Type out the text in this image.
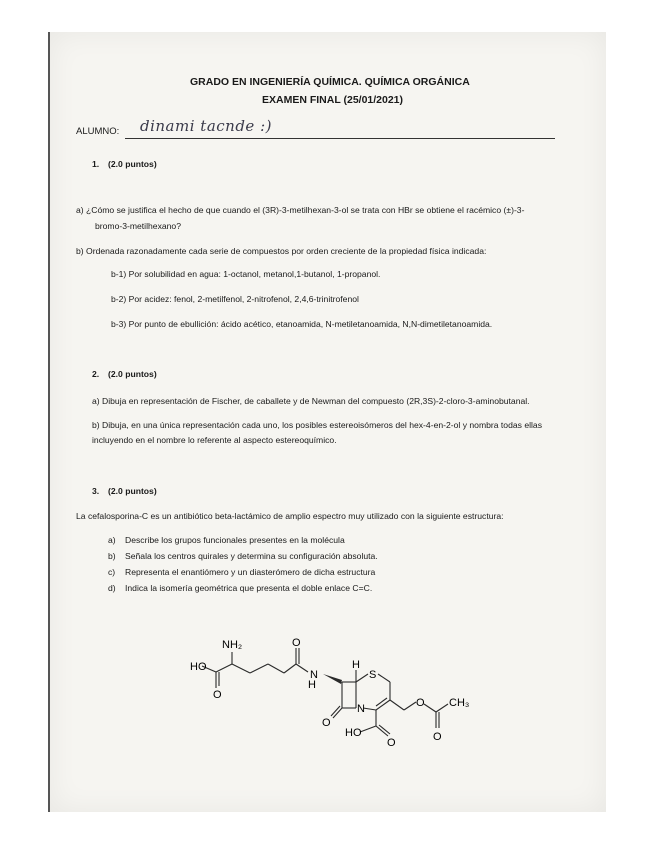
GRADO EN INGENIERÍA QUÍMICA. QUÍMICA ORGÁNICA
EXAMEN FINAL (25/01/2021)
ALUMNO: dinami tacnde :)
1. (2.0 puntos)
a) ¿Cómo se justifica el hecho de que cuando el (3R)-3-metilhexan-3-ol se trata con HBr se obtiene el racémico (±)-3-
bromo-3-metilhexano?
b) Ordenada razonadamente cada serie de compuestos por orden creciente de la propiedad física indicada:
b-1) Por solubilidad en agua: 1-octanol, metanol,1-butanol, 1-propanol.
b-2) Por acidez: fenol, 2-metilfenol, 2-nitrofenol, 2,4,6-trinitrofenol
b-3) Por punto de ebullición: ácido acético, etanoamida, N-metiletanoamida, N,N-dimetiletanoamida.
2. (2.0 puntos)
a) Dibuja en representación de Fischer, de caballete y de Newman del compuesto (2R,3S)-2-cloro-3-aminobutanal.
b) Dibuja, en una única representación cada uno, los posibles estereoisómeros del hex-4-en-2-ol y nombra todas ellas
incluyendo en el nombre lo referente al aspecto estereoquímico.
3. (2.0 puntos)
La cefalosporina-C es un antibiótico beta-lactámico de amplio espectro muy utilizado con la siguiente estructura:
a) Describe los grupos funcionales presentes en la molécula
b) Señala los centros quirales y determina su configuración absoluta.
c) Representa el enantiómero y un diasterómero de dicha estructura
d) Indica la isomería geométrica que presenta el doble enlace C=C.
HO
O
NH₂	O
N
H
H
S
N
O
HO
O
O
O
CH₃
